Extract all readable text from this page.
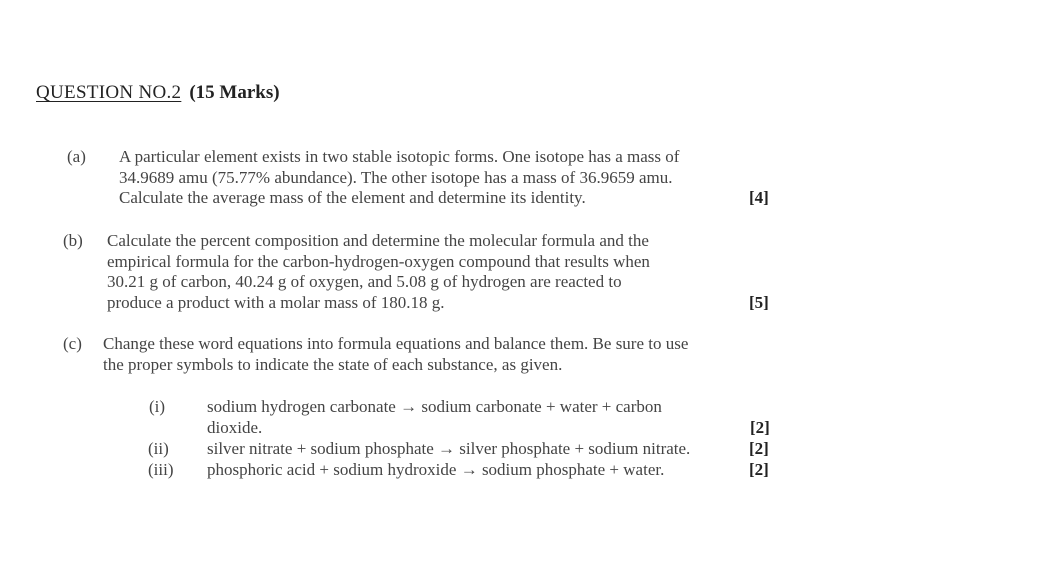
QUESTION NO.2 (15 Marks)
(a) A particular element exists in two stable isotopic forms. One isotope has a mass of
34.9689 amu (75.77% abundance). The other isotope has a mass of 36.9659 amu.
Calculate the average mass of the element and determine its identity.	[4]
(b) Calculate the percent composition and determine the molecular formula and the
empirical formula for the carbon-hydrogen-oxygen compound that results when
30.21 g of carbon, 40.24 g of oxygen, and 5.08 g of hydrogen are reacted to
produce a product with a molar mass of 180.18 g.	[5]
(c) Change these word equations into formula equations and balance them. Be sure to use
the proper symbols to indicate the state of each substance, as given.
(i) sodium hydrogen carbonate → sodium carbonate + water + carbon
dioxide.	[2]
(ii) silver nitrate + sodium phosphate → silver phosphate + sodium nitrate.	[2]
(iii) phosphoric acid + sodium hydroxide → sodium phosphate + water.	[2]
